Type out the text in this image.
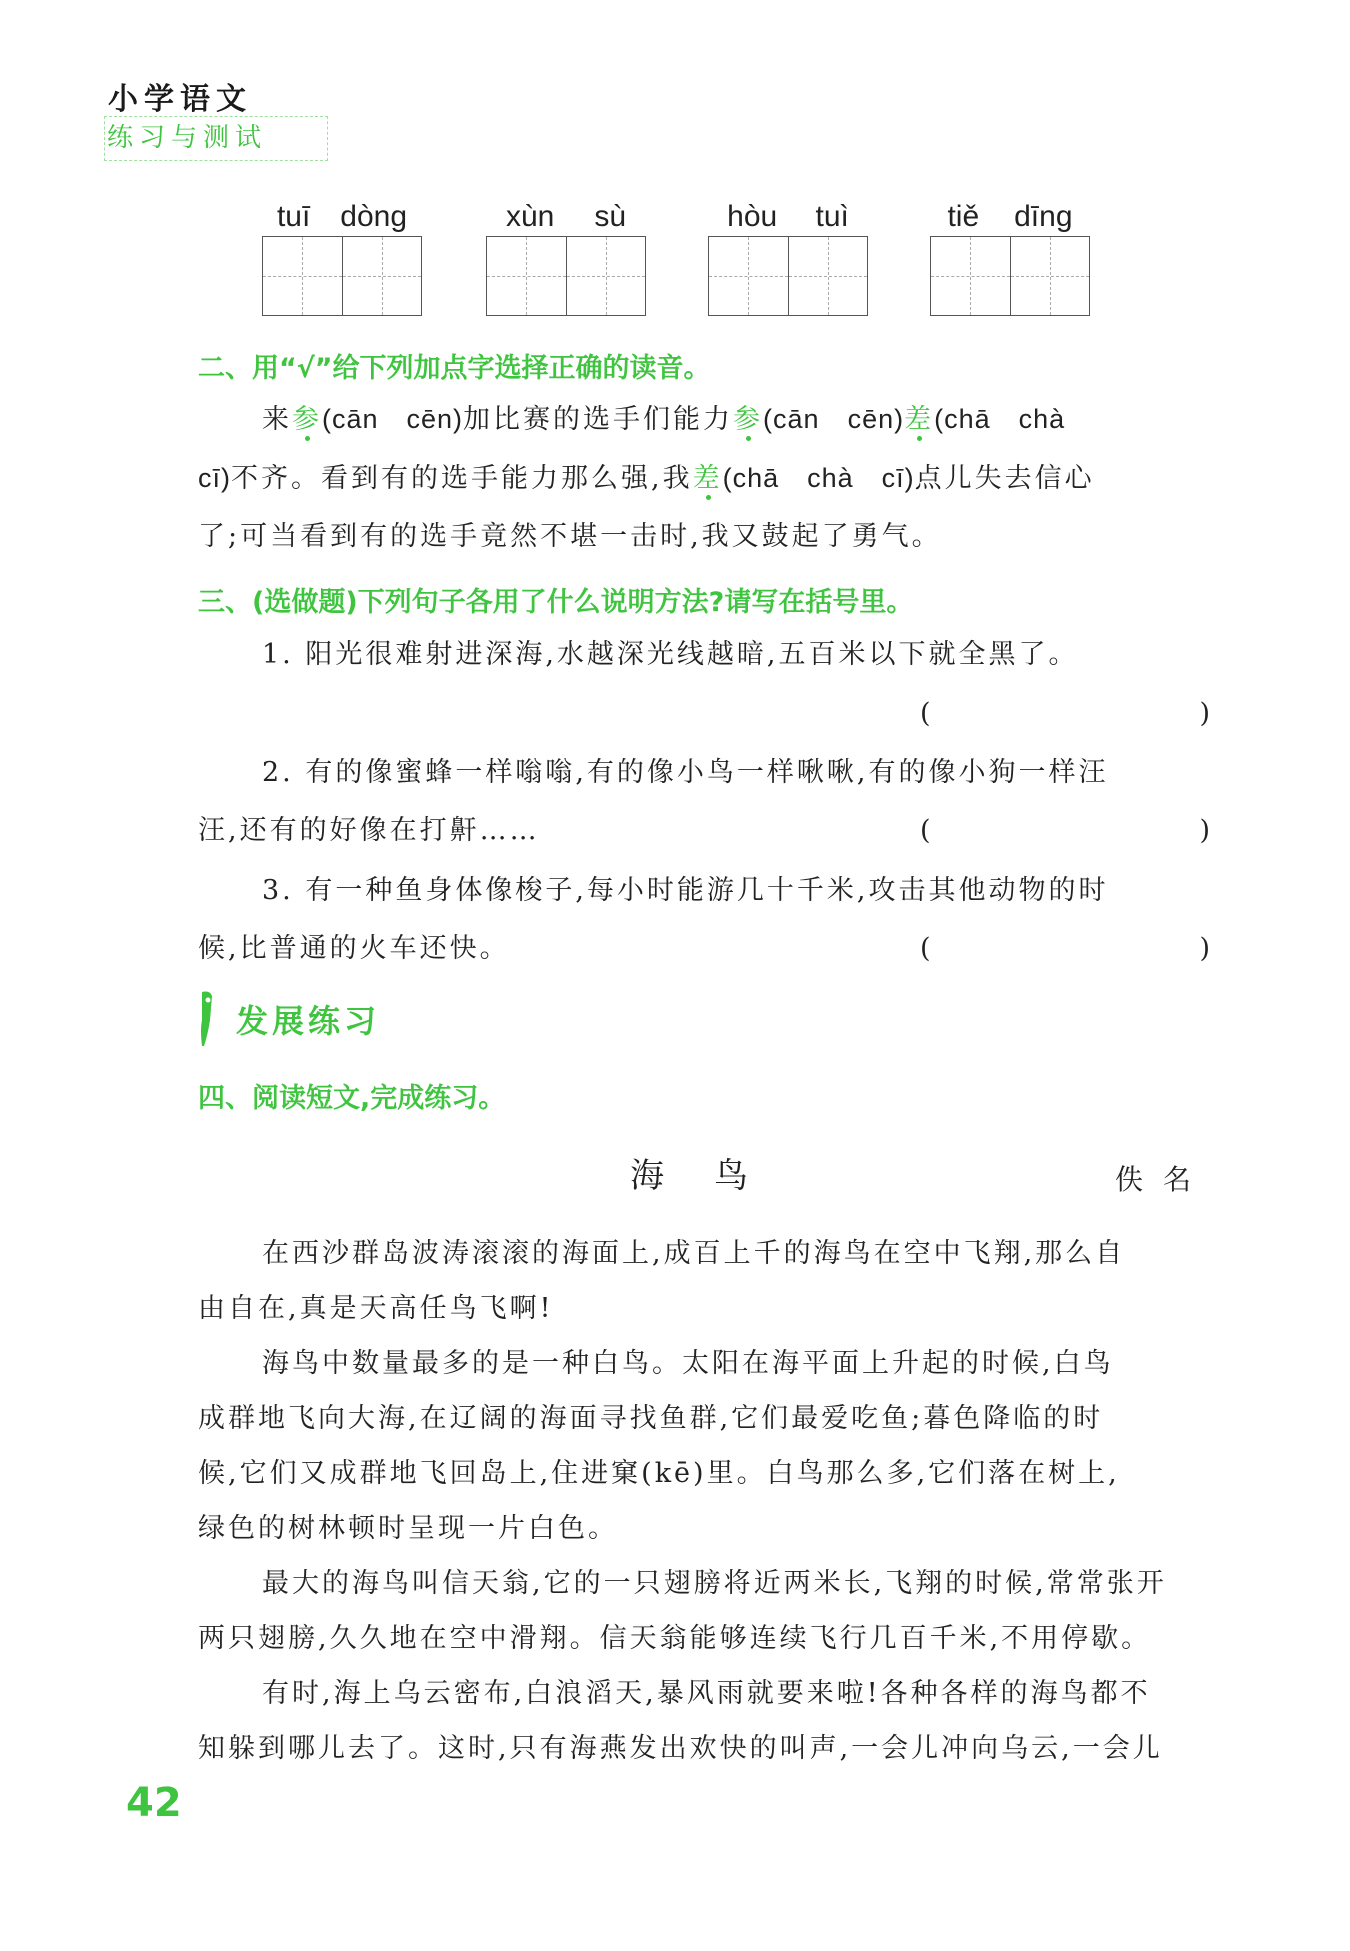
小学语文
练习与测试
tuī dòng	xùn sù	hòu tuì	tiě dīng
二、用“√”给下列加点字选择正确的读音。
来参(cān　cēn)加比赛的选手们能力参(cān　cēn)差(chā　chà
cī)不齐。看到有的选手能力那么强,我差(chā　chà　cī)点儿失去信心
了;可当看到有的选手竟然不堪一击时,我又鼓起了勇气。
三、(选做题)下列句子各用了什么说明方法?请写在括号里。
1. 阳光很难射进深海,水越深光线越暗,五百米以下就全黑了。
(	)
2. 有的像蜜蜂一样嗡嗡,有的像小鸟一样啾啾,有的像小狗一样汪
汪,还有的好像在打鼾……	(	)
3. 有一种鱼身体像梭子,每小时能游几十千米,攻击其他动物的时
候,比普通的火车还快。	(	)
发展练习
四、阅读短文,完成练习。
海鸟	佚名
在西沙群岛波涛滚滚的海面上,成百上千的海鸟在空中飞翔,那么自
由自在,真是天高任鸟飞啊!
海鸟中数量最多的是一种白鸟。太阳在海平面上升起的时候,白鸟
成群地飞向大海,在辽阔的海面寻找鱼群,它们最爱吃鱼;暮色降临的时
候,它们又成群地飞回岛上,住进窠(kē)里。白鸟那么多,它们落在树上,
绿色的树林顿时呈现一片白色。
最大的海鸟叫信天翁,它的一只翅膀将近两米长,飞翔的时候,常常张开
两只翅膀,久久地在空中滑翔。信天翁能够连续飞行几百千米,不用停歇。
有时,海上乌云密布,白浪滔天,暴风雨就要来啦!各种各样的海鸟都不
知躲到哪儿去了。这时,只有海燕发出欢快的叫声,一会儿冲向乌云,一会儿
42
